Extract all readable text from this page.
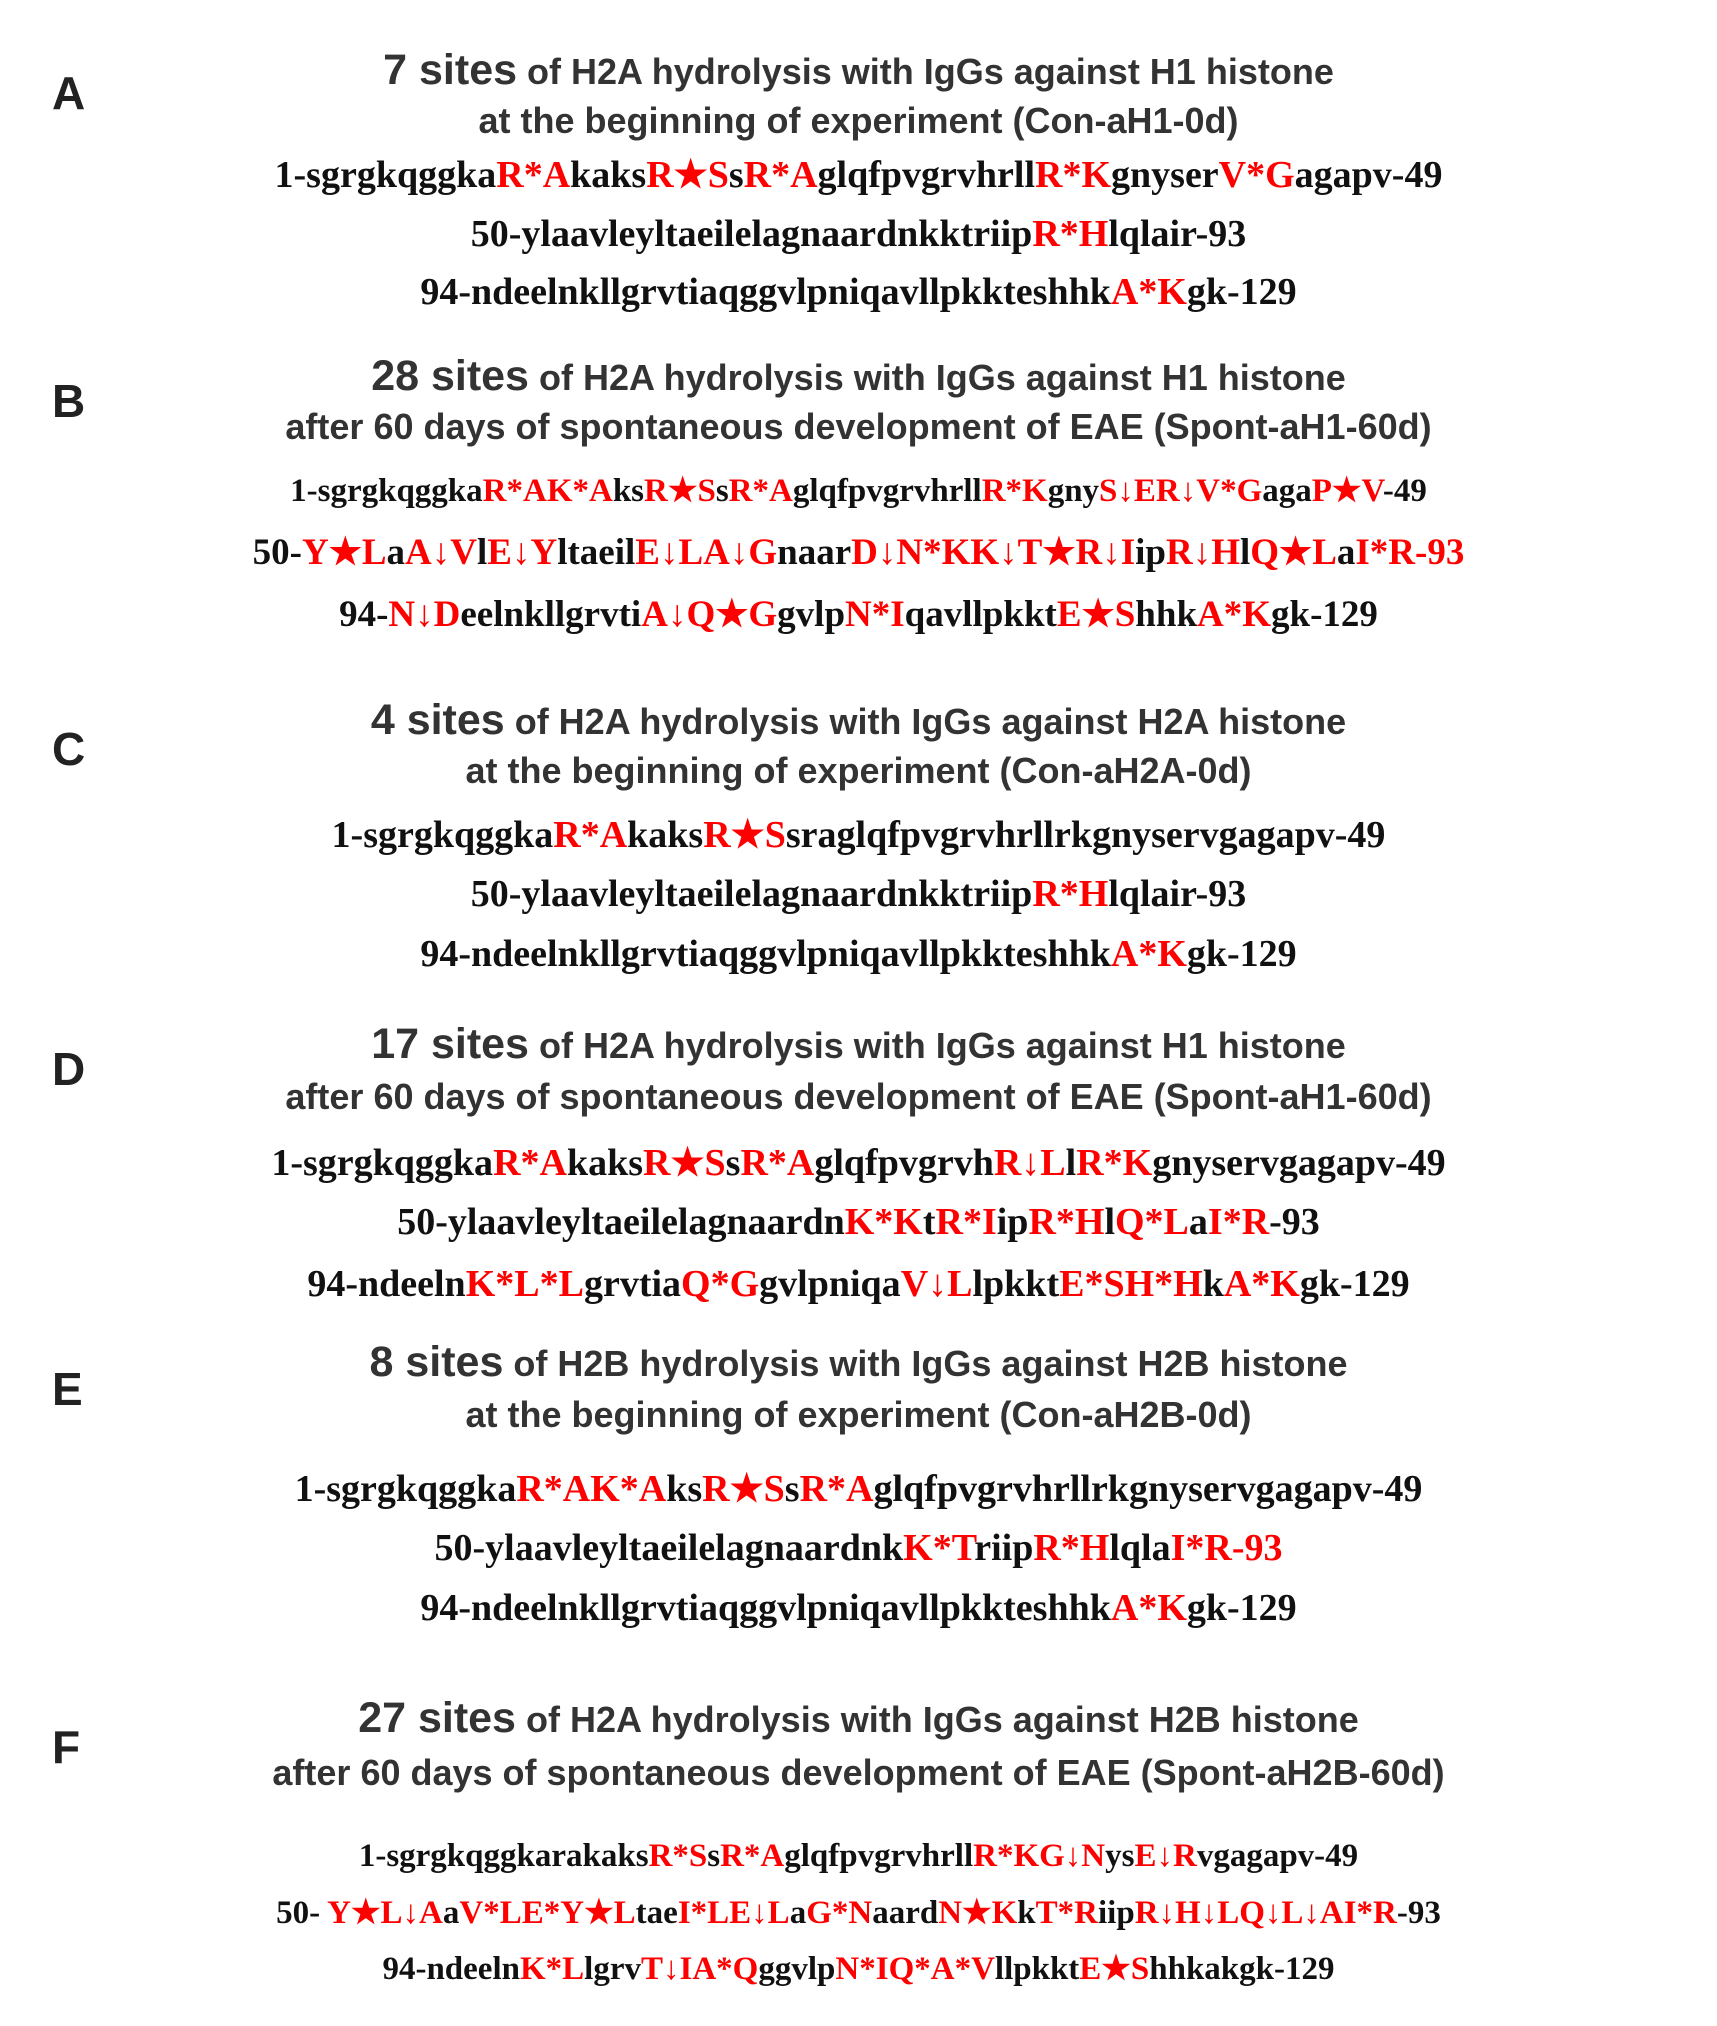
A	7 sites of H2A hydrolysis with IgGs against H1 histone
at the beginning of experiment (Con-aH1-0d)
1-sgrgkqggkaR*AkaksR★SsR*AglqfpvgrvhrllR*KgnyserV*Gagapv-49
50-ylaavleyltaeilelagnaardnkktriipR*Hlqlair-93
94-ndeelnkllgrvtiaqggvlpniqavllpkkteshhkA*Kgk-129
B	28 sites of H2A hydrolysis with IgGs against H1 histone
after 60 days of spontaneous development of EAE (Spont-aH1-60d)
1-sgrgkqggkaR*AK*AksR★SsR*AglqfpvgrvhrllR*KgnyS↓ER↓V*GagaP★V-49
50-Y★LaA↓VlE↓YltaeilE↓LA↓GnaarD↓N*KK↓T★R↓IipR↓HlQ★LaI*R-93
94-N↓DeelnkllgrvtiA↓Q★GgvlpN*IqavllpkktE★ShhkA*Kgk-129
C
4 sites of H2A hydrolysis with IgGs against H2A histone
at the beginning of experiment (Con-aH2A-0d)
1-sgrgkqggkaR*AkaksR★Ssraglqfpvgrvhrllrkgnyservgagapv-49
50-ylaavleyltaeilelagnaardnkktriipR*Hlqlair-93
94-ndeelnkllgrvtiaqggvlpniqavllpkkteshhkA*Kgk-129
D	17 sites of H2A hydrolysis with IgGs against H1 histone
after 60 days of spontaneous development of EAE (Spont-aH1-60d)
1-sgrgkqggkaR*AkaksR★SsR*AglqfpvgrvhR↓LlR*Kgnyservgagapv-49
50-ylaavleyltaeilelagnaardnK*KtR*IipR*HlQ*LaI*R-93
94-ndeelnK*L*LgrvtiaQ*GgvlpniqaV↓LlpkktE*SH*HkA*Kgk-129
E
8 sites of H2B hydrolysis with IgGs against H2B histone
at the beginning of experiment (Con-aH2B-0d)
1-sgrgkqggkaR*AK*AksR★SsR*Aglqfpvgrvhrllrkgnyservgagapv-49
50-ylaavleyltaeilelagnaardnkK*TriipR*HlqlaI*R-93
94-ndeelnkllgrvtiaqggvlpniqavllpkkteshhkA*Kgk-129
F
27 sites of H2A hydrolysis with IgGs against H2B histone
after 60 days of spontaneous development of EAE (Spont-aH2B-60d)
1-sgrgkqggkarakaksR*SsR*AglqfpvgrvhrllR*KG↓NysE↓Rvgagapv-49
50- Y★L↓AaV*LE*Y★LtaeI*LE↓LaG*NaardN★KkT*RiipR↓H↓LQ↓L↓AI*R-93
94-ndeelnK*LlgrvT↓IA*QggvlpN*IQ*A*VllpkktE★Shhkakgk-129
